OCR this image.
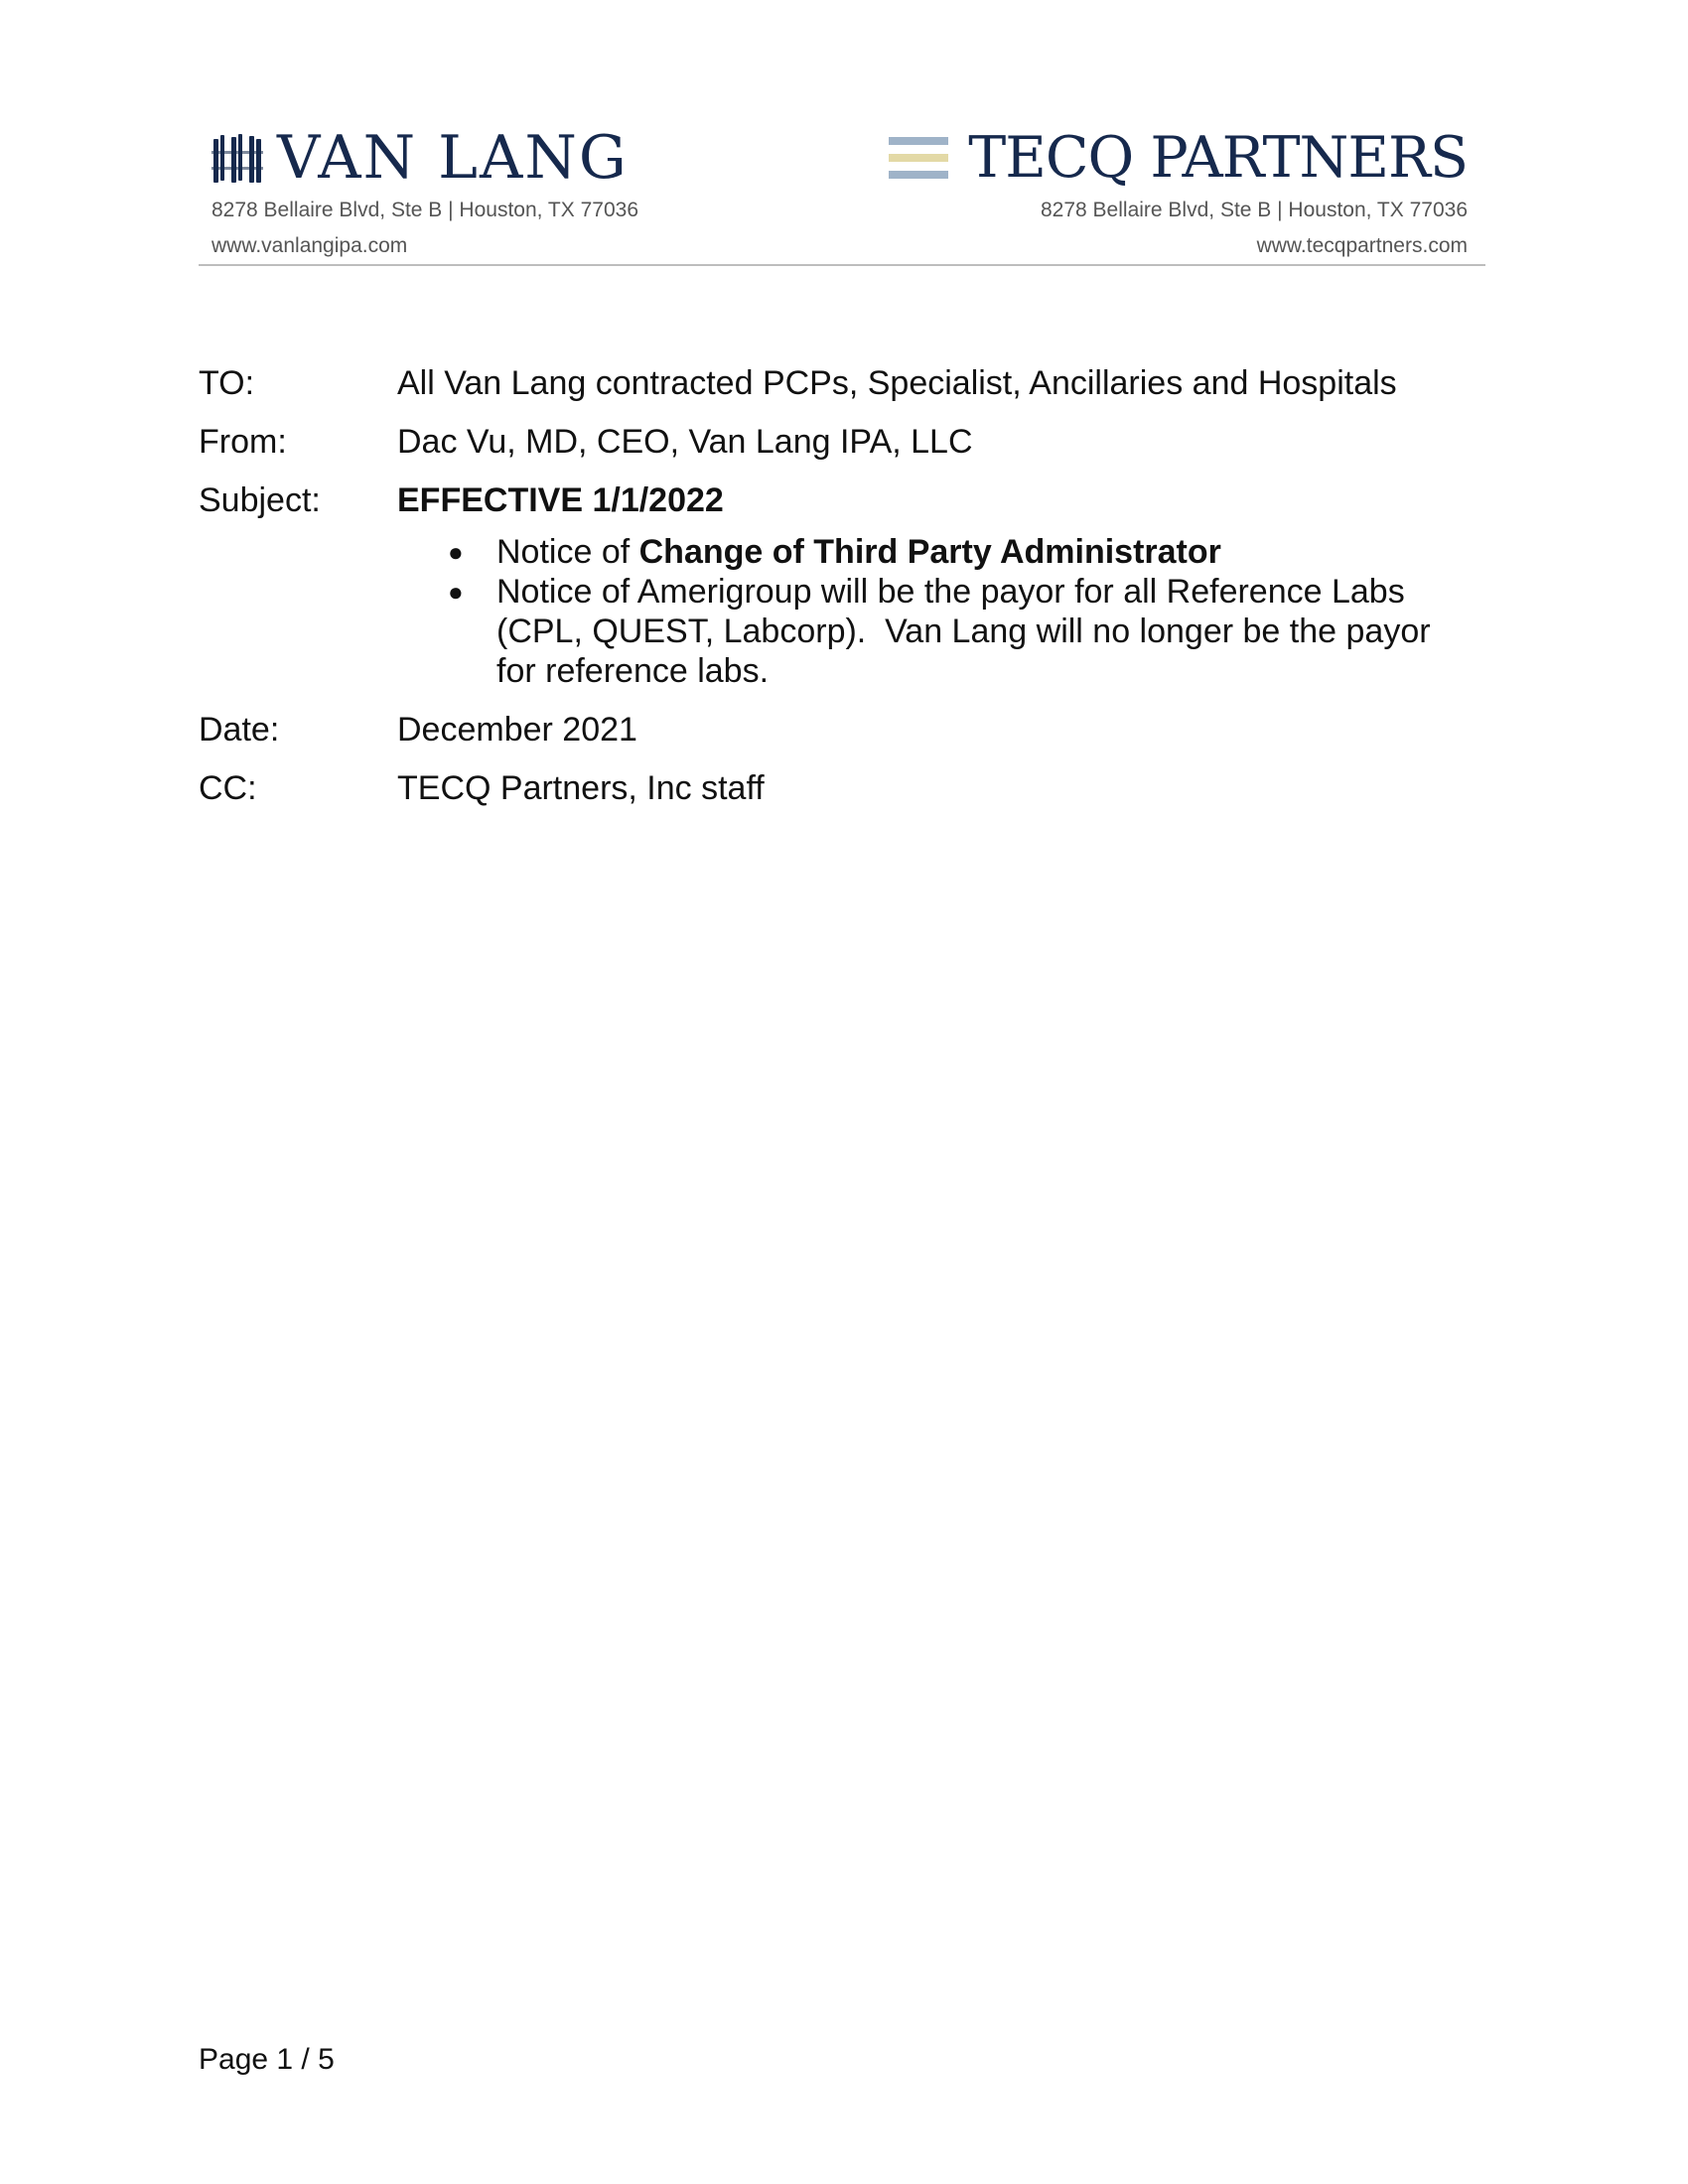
VAN LANG
8278 Bellaire Blvd, Ste B | Houston, TX 77036
www.vanlangipa.com
TECQ PARTNERS
8278 Bellaire Blvd, Ste B | Houston, TX 77036
www.tecqpartners.com
TO:	All Van Lang contracted PCPs, Specialist, Ancillaries and Hospitals
From:	Dac Vu, MD, CEO, Van Lang IPA, LLC
Subject:	EFFECTIVE 1/1/2022
● Notice of Change of Third Party Administrator
● Notice of Amerigroup will be the payor for all Reference Labs (CPL, QUEST, Labcorp).  Van Lang will no longer be the payor for reference labs.
Date:	December 2021
CC:	TECQ Partners, Inc staff
Page 1 / 5
